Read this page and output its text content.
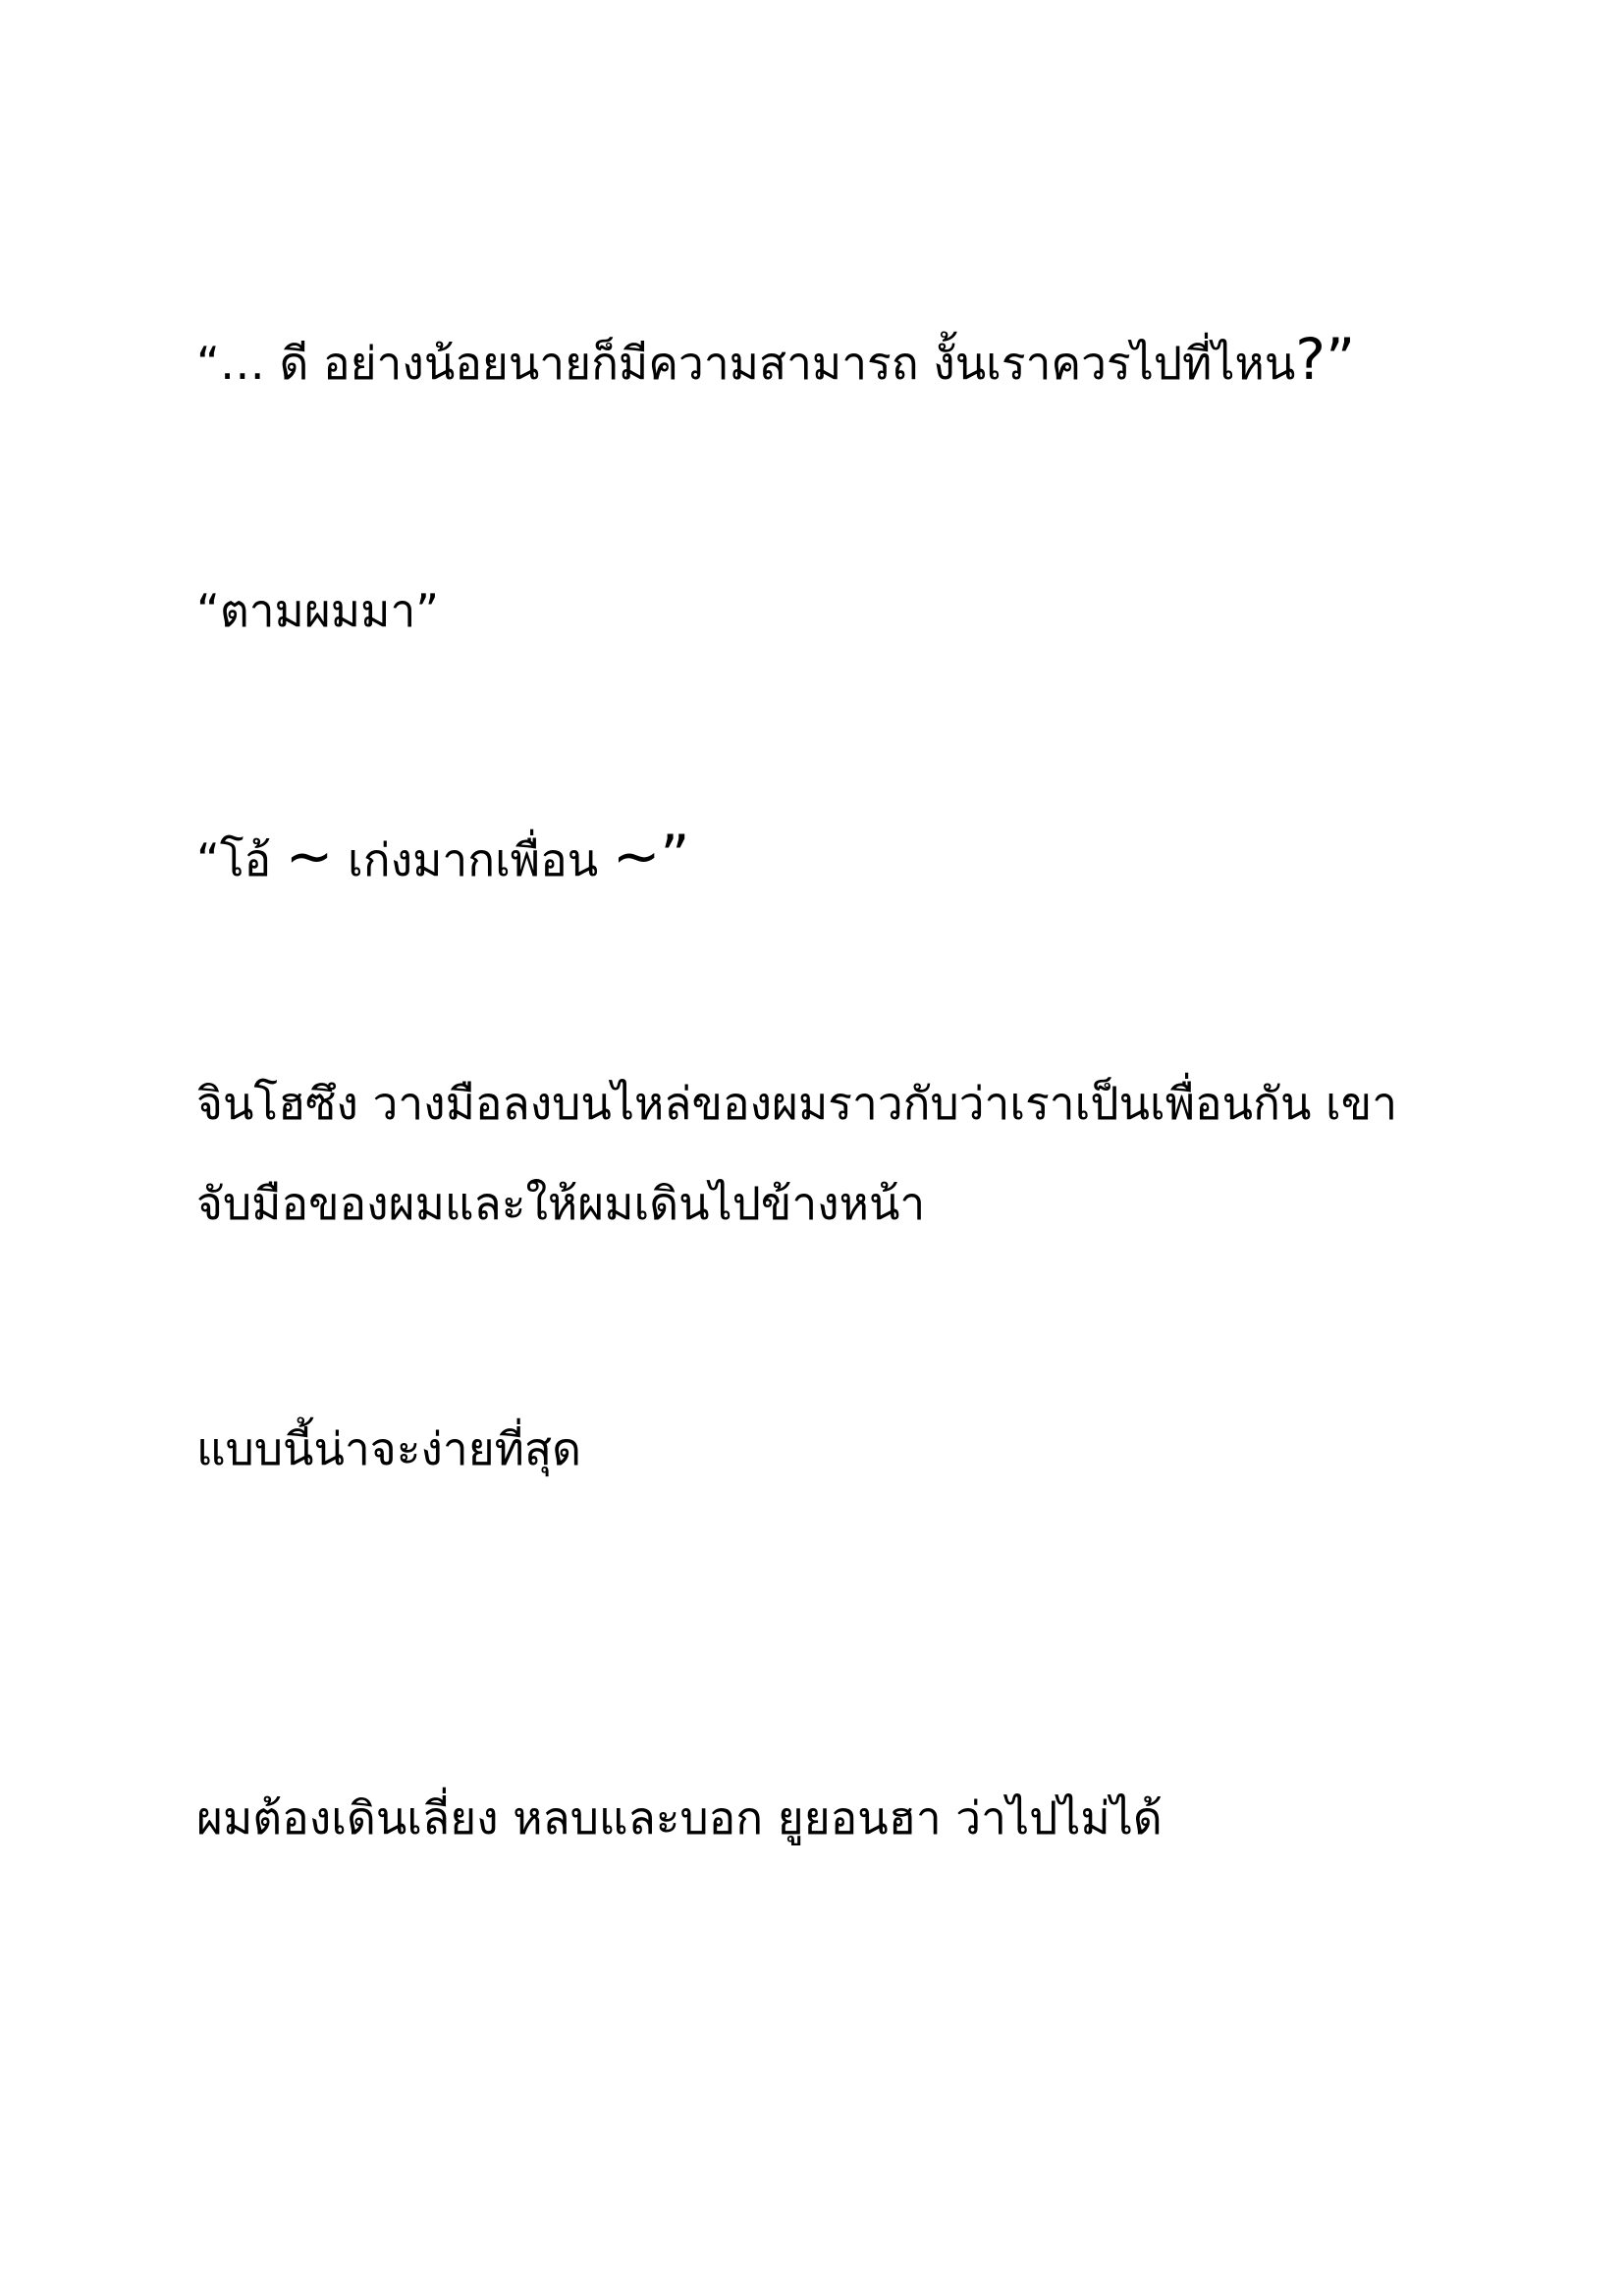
“… ดี อย่างน้อยนายก็มีความสามารถ งั้นเราควรไปที่ไหน?”

“ตามผมมา”

“โอ้ ~ เก่งมากเพื่อน ~”

จินโฮซึง วางมือลงบนไหล่ของผมราวกับว่าเราเป็นเพื่อนกัน เขา

จับมือของผมและให้ผมเดินไปข้างหน้า

แบบนี้น่าจะง่ายที่สุด

ผมต้องเดินเลี่ยง หลบและบอก ยูยอนฮา ว่าไปไม่ได้
